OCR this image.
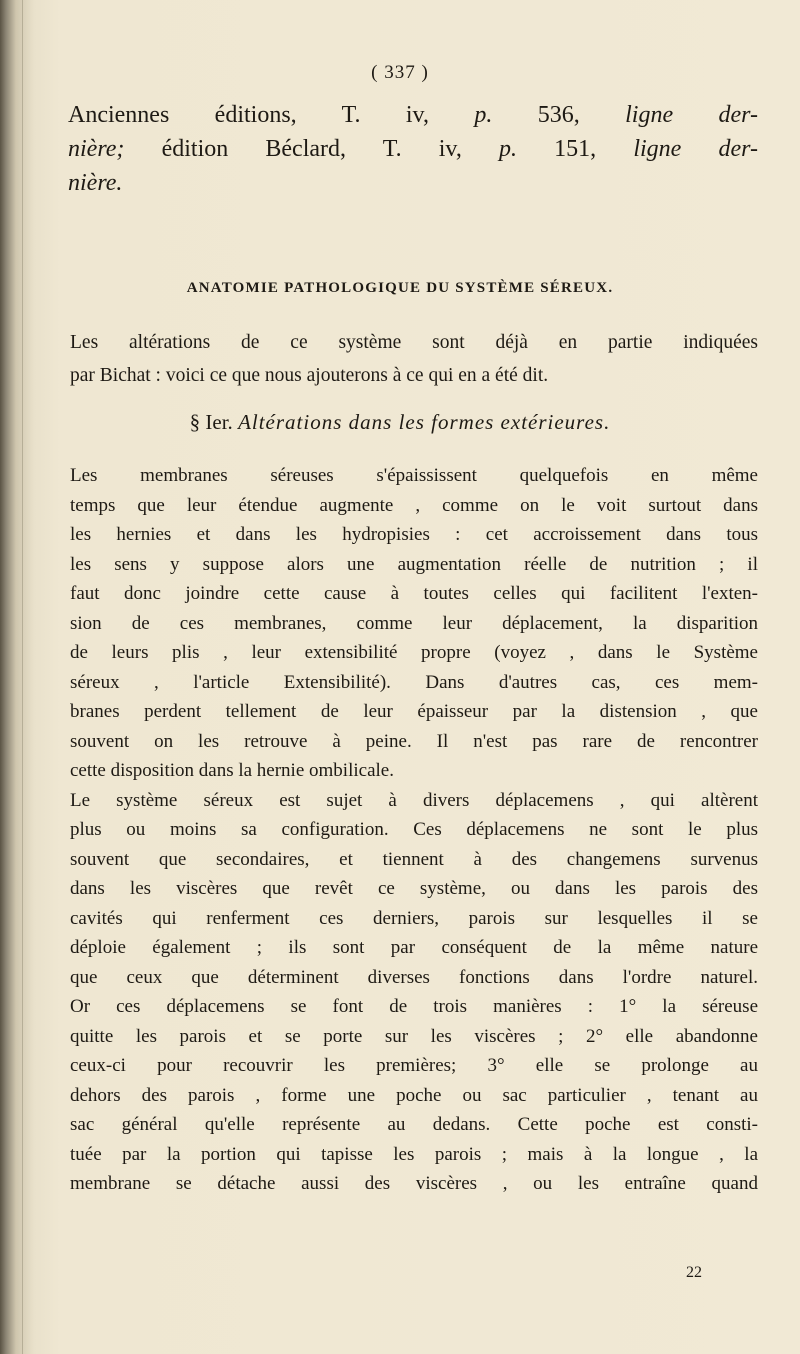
( 337 )
Anciennes éditions, T. iv, p. 536, ligne der-
nière; édition Béclard, T. iv, p. 151, ligne der-
nière.
ANATOMIE PATHOLOGIQUE DU SYSTÈME SÉREUX.
Les altérations de ce système sont déjà en partie indiquées
par Bichat : voici ce que nous ajouterons à ce qui en a été dit.
§ Ier. Altérations dans les formes extérieures.
Les membranes séreuses s'épaississent quelquefois en même
temps que leur étendue augmente , comme on le voit surtout dans
les hernies et dans les hydropisies : cet accroissement dans tous
les sens y suppose alors une augmentation réelle de nutrition ; il
faut donc joindre cette cause à toutes celles qui facilitent l'exten-
sion de ces membranes, comme leur déplacement, la disparition
de leurs plis , leur extensibilité propre (voyez , dans le Système
séreux , l'article Extensibilité). Dans d'autres cas, ces mem-
branes perdent tellement de leur épaisseur par la distension , que
souvent on les retrouve à peine. Il n'est pas rare de rencontrer
cette disposition dans la hernie ombilicale.
Le système séreux est sujet à divers déplacemens , qui altèrent
plus ou moins sa configuration. Ces déplacemens ne sont le plus
souvent que secondaires, et tiennent à des changemens survenus
dans les viscères que revêt ce système, ou dans les parois des
cavités qui renferment ces derniers, parois sur lesquelles il se
déploie également ; ils sont par conséquent de la même nature
que ceux que déterminent diverses fonctions dans l'ordre naturel.
Or ces déplacemens se font de trois manières : 1° la séreuse
quitte les parois et se porte sur les viscères ; 2° elle abandonne
ceux-ci pour recouvrir les premières; 3° elle se prolonge au
dehors des parois , forme une poche ou sac particulier , tenant au
sac général qu'elle représente au dedans. Cette poche est consti-
tuée par la portion qui tapisse les parois ; mais à la longue , la
membrane se détache aussi des viscères , ou les entraîne quand
22
